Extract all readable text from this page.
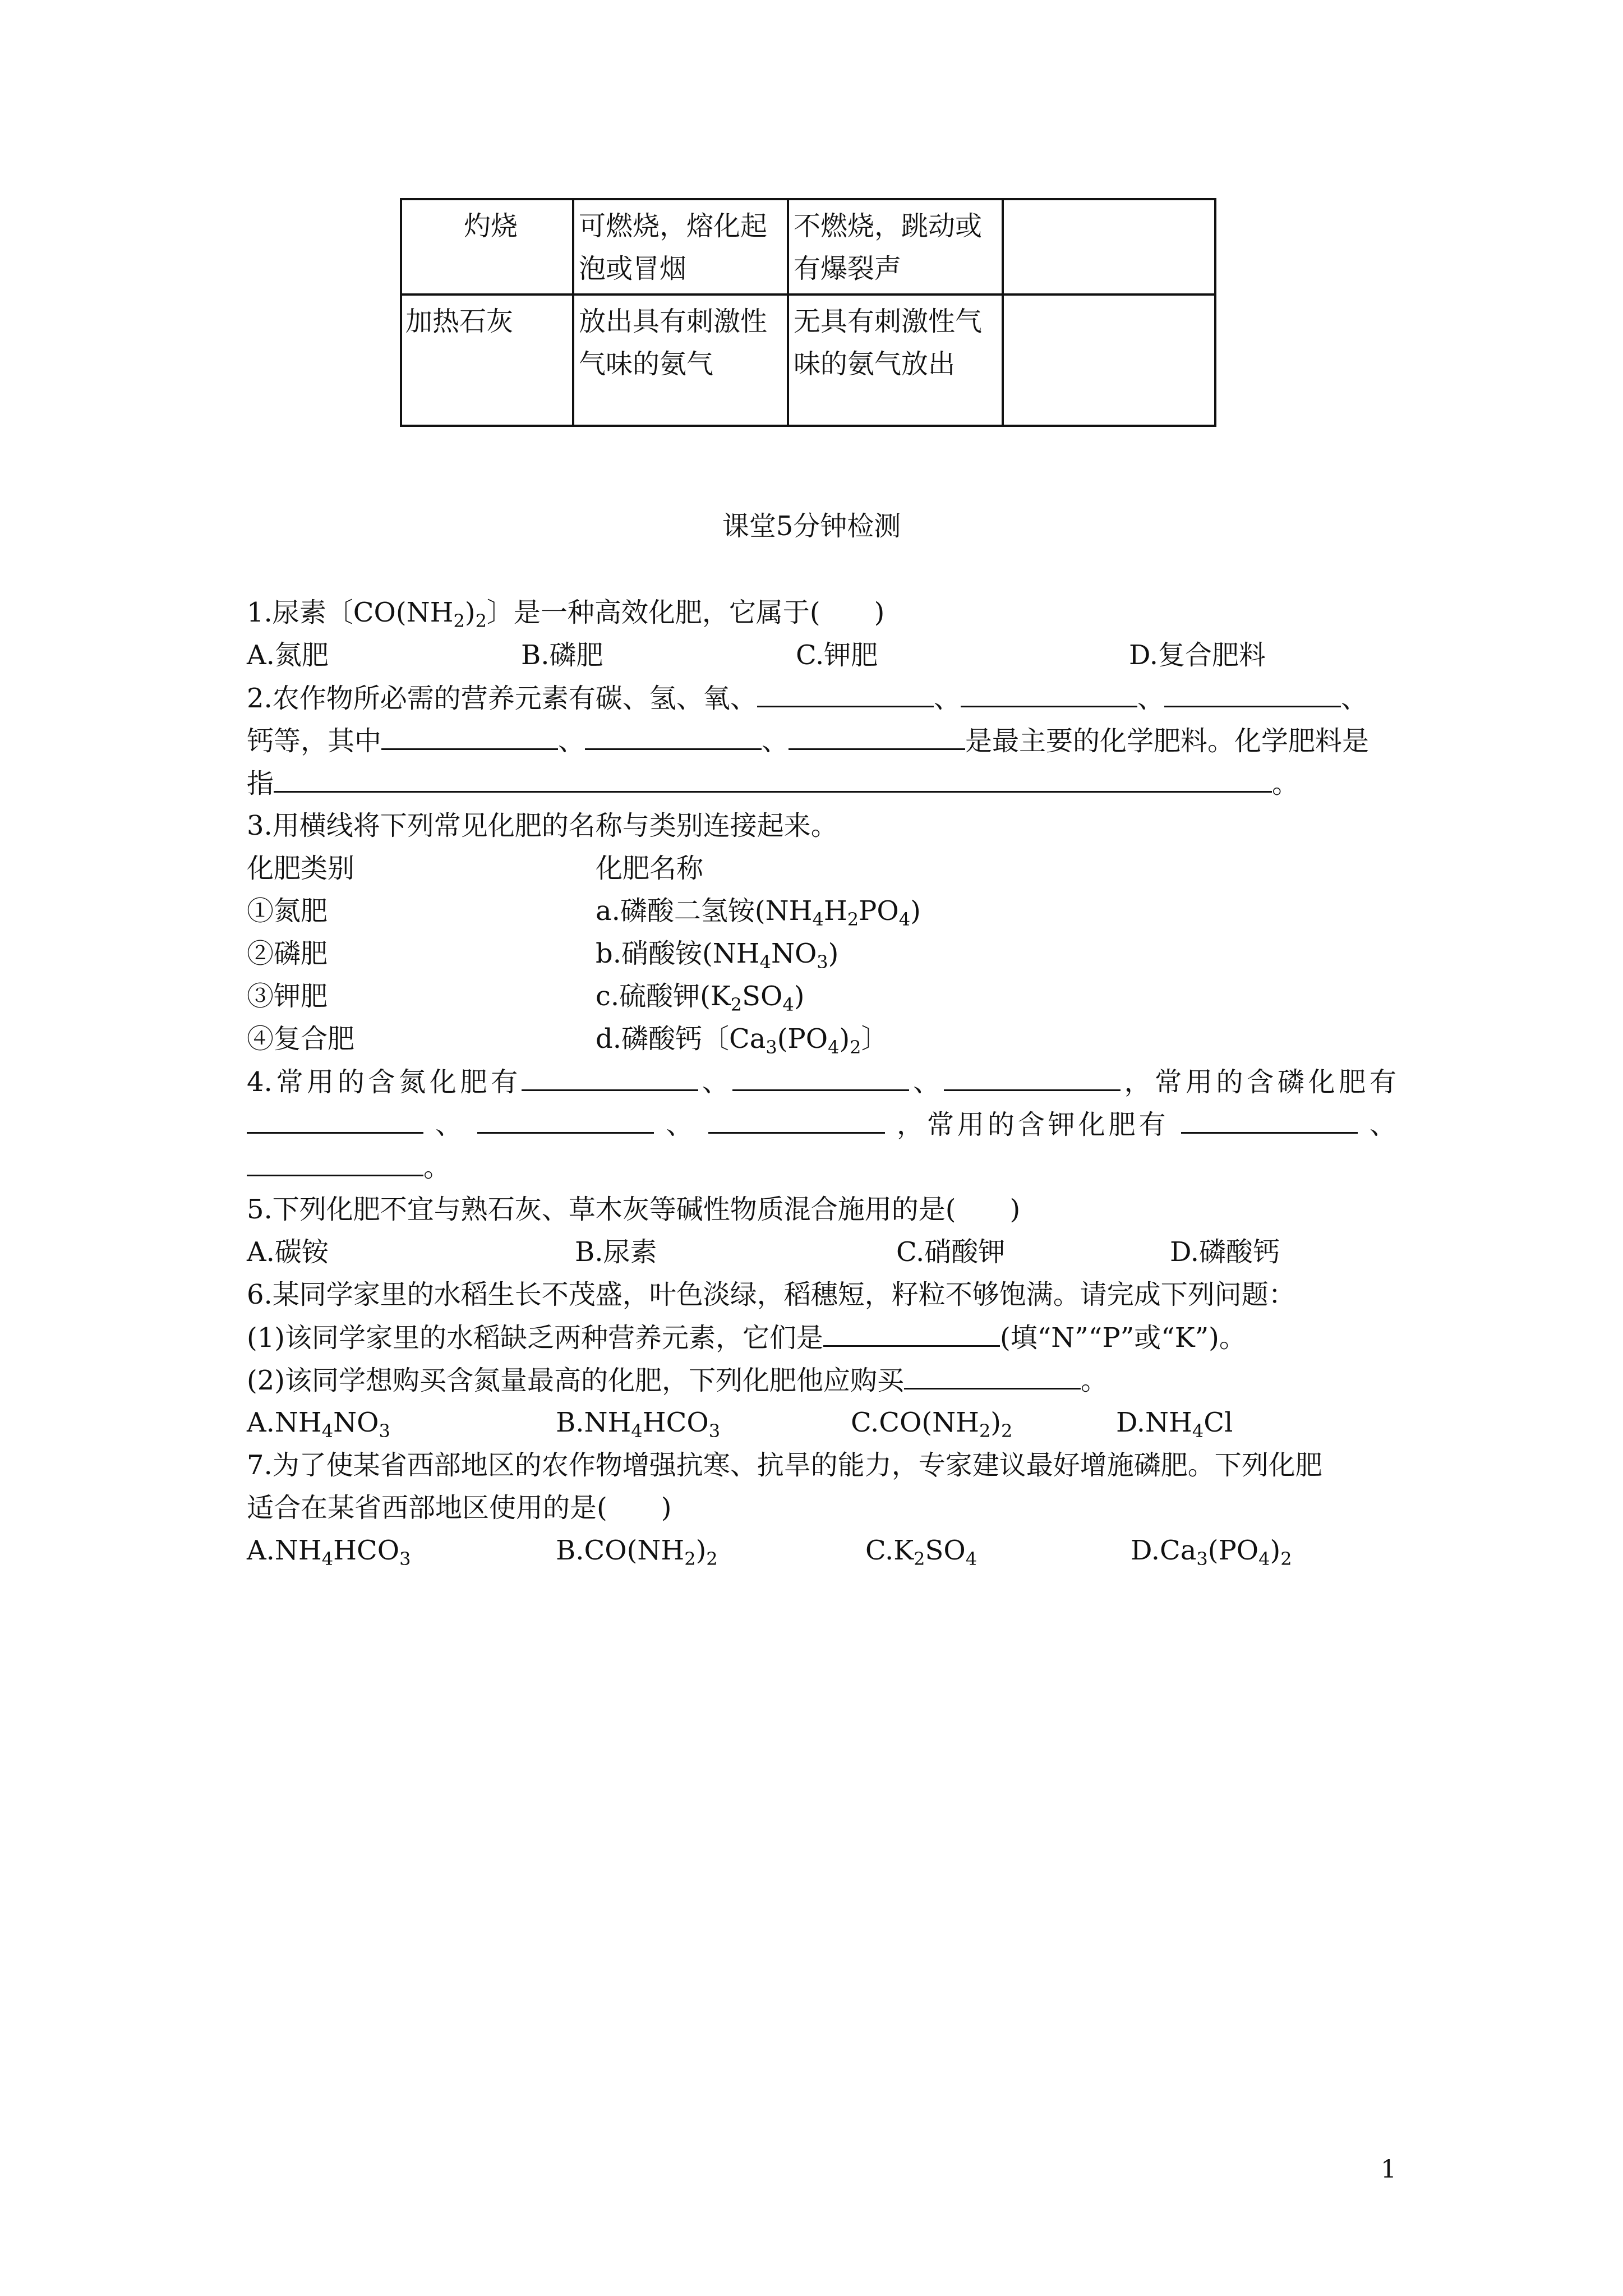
灼烧	可燃烧，熔化起泡或冒烟	不燃烧，跳动或有爆裂声	
加热石灰	放出具有刺激性气味的氨气	无具有刺激性气味的氨气放出	
课堂5分钟检测
1.尿素〔$CO(NH_2)_2$〕是一种高效化肥，它属于(　　)
A.氮肥	B.磷肥	C.钾肥	D.复合肥料
2.农作物所必需的营养元素有碳、氢、氧、	、	、	、
钙等，其中	、	、	是最主要的化学肥料。化学肥料是
指	。
3.用横线将下列常见化肥的名称与类别连接起来。
化肥类别	化肥名称
①氮肥	a.磷酸二氢铵$(NH_4H_2PO_4)$
②磷肥	b.硝酸铵$(NH_4NO_3)$
③钾肥	c.硫酸钾$(K_2SO_4)$
④复合肥	d.磷酸钙〔$Ca_3(PO_4)_2$〕
4.常用的含氮化肥有	、	、	，常用的含磷化肥有
、	、	，常用的含钾化肥有	、
。
5.下列化肥不宜与熟石灰、草木灰等碱性物质混合施用的是(　　)
A.碳铵	B.尿素	C.硝酸钾	D.磷酸钙
6.某同学家里的水稻生长不茂盛，叶色淡绿，稻穗短，籽粒不够饱满。请完成下列问题：
(1)该同学家里的水稻缺乏两种营养元素，它们是	(填“N”“P”或“K”)。
(2)该同学想购买含氮量最高的化肥，下列化肥他应购买	。
$A.NH_4NO_3$	$B.NH_4HCO_3$	$C.CO(NH_2)_2$	$D.NH_4Cl$
7.为了使某省西部地区的农作物增强抗寒、抗旱的能力，专家建议最好增施磷肥。下列化肥
适合在某省西部地区使用的是(　　)
$A.NH_4HCO_3$	$B.CO(NH_2)_2$	$C.K_2SO_4$	$D.Ca_3(PO_4)_2$
1
